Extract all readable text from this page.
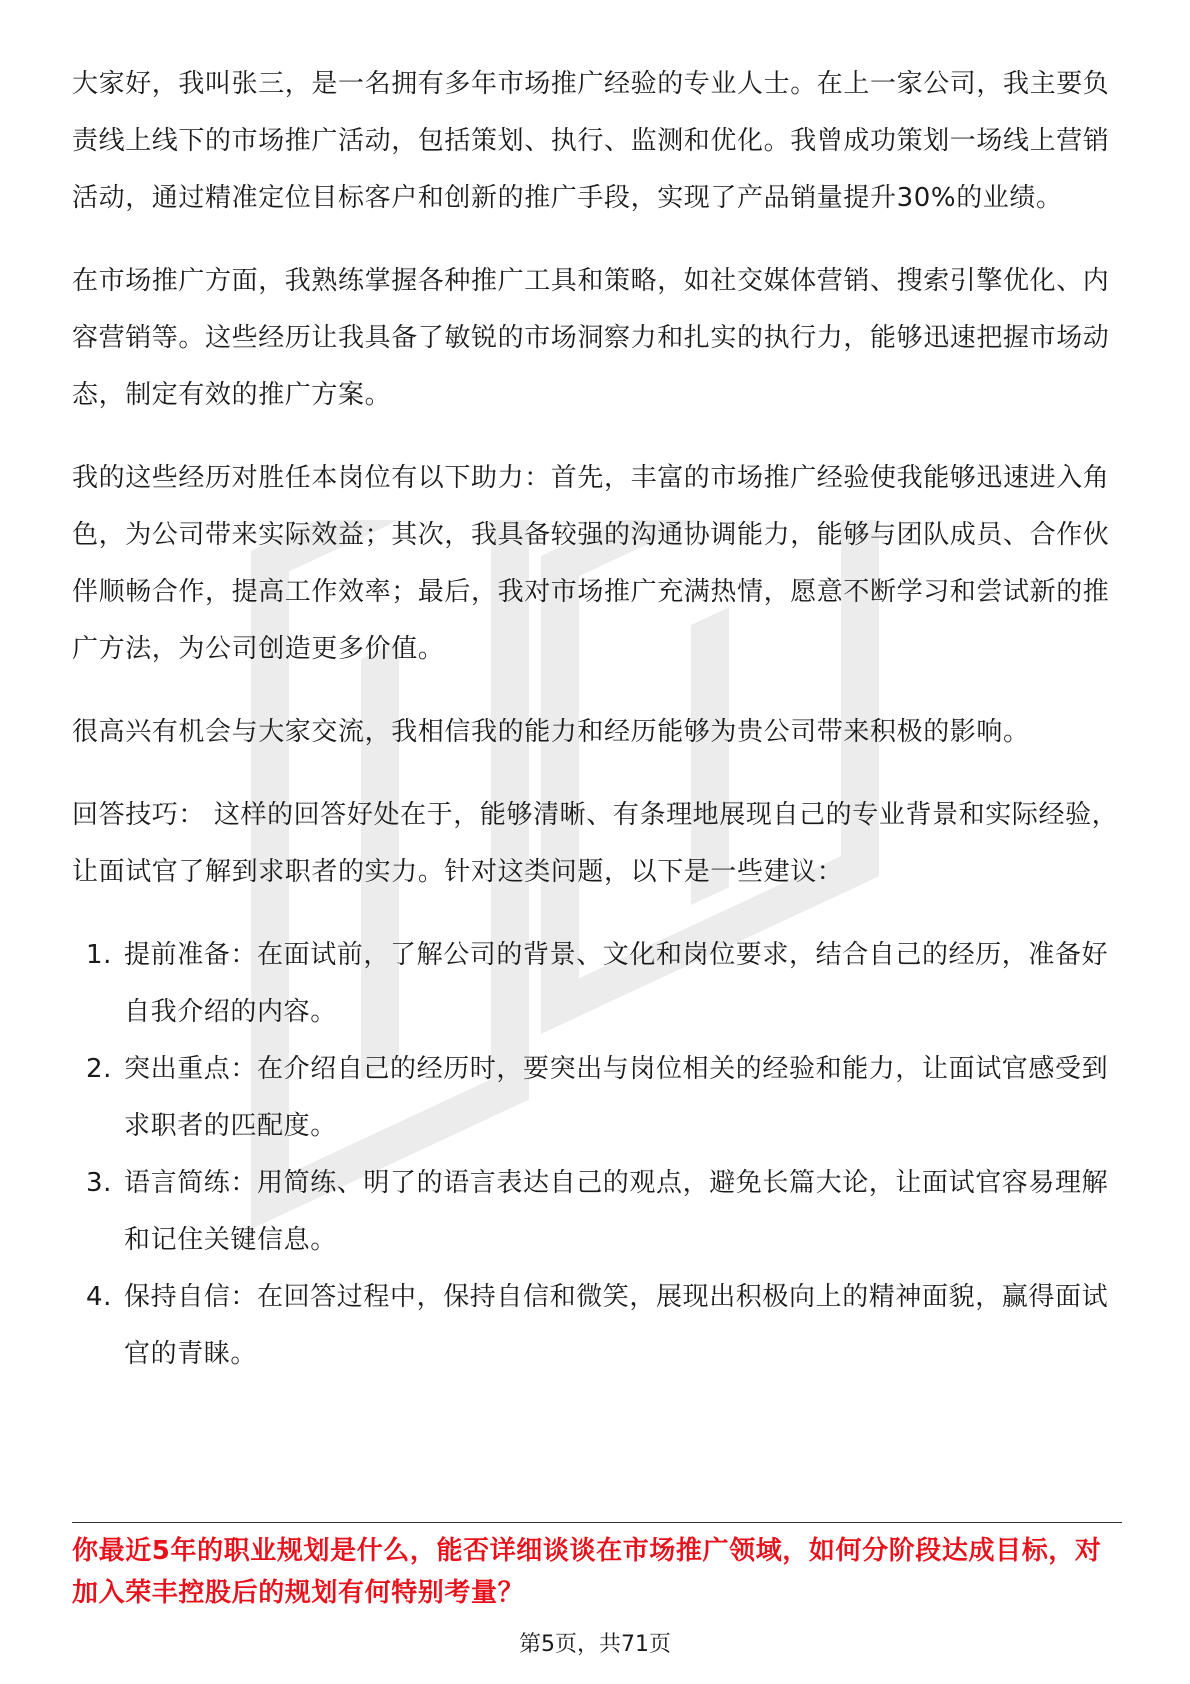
大家好，我叫张三，是一名拥有多年市场推广经验的专业人士。在上一家公司，我主要负责线上线下的市场推广活动，包括策划、执行、监测和优化。我曾成功策划一场线上营销活动，通过精准定位目标客户和创新的推广手段，实现了产品销量提升30%的业绩。

在市场推广方面，我熟练掌握各种推广工具和策略，如社交媒体营销、搜索引擎优化、内容营销等。这些经历让我具备了敏锐的市场洞察力和扎实的执行力，能够迅速把握市场动态，制定有效的推广方案。

我的这些经历对胜任本岗位有以下助力：首先，丰富的市场推广经验使我能够迅速进入角色，为公司带来实际效益；其次，我具备较强的沟通协调能力，能够与团队成员、合作伙伴顺畅合作，提高工作效率；最后，我对市场推广充满热情，愿意不断学习和尝试新的推广方法，为公司创造更多价值。

很高兴有机会与大家交流，我相信我的能力和经历能够为贵公司带来积极的影响。

回答技巧： 这样的回答好处在于，能够清晰、有条理地展现自己的专业背景和实际经验，让面试官了解到求职者的实力。针对这类问题，以下是一些建议：

1. 提前准备：在面试前，了解公司的背景、文化和岗位要求，结合自己的经历，准备好自我介绍的内容。
2. 突出重点：在介绍自己的经历时，要突出与岗位相关的经验和能力，让面试官感受到求职者的匹配度。
3. 语言简练：用简练、明了的语言表达自己的观点，避免长篇大论，让面试官容易理解和记住关键信息。
4. 保持自信：在回答过程中，保持自信和微笑，展现出积极向上的精神面貌，赢得面试官的青睐。

你最近5年的职业规划是什么，能否详细谈谈在市场推广领域，如何分阶段达成目标，对加入荣丰控股后的规划有何特别考量？

第5页，共71页
